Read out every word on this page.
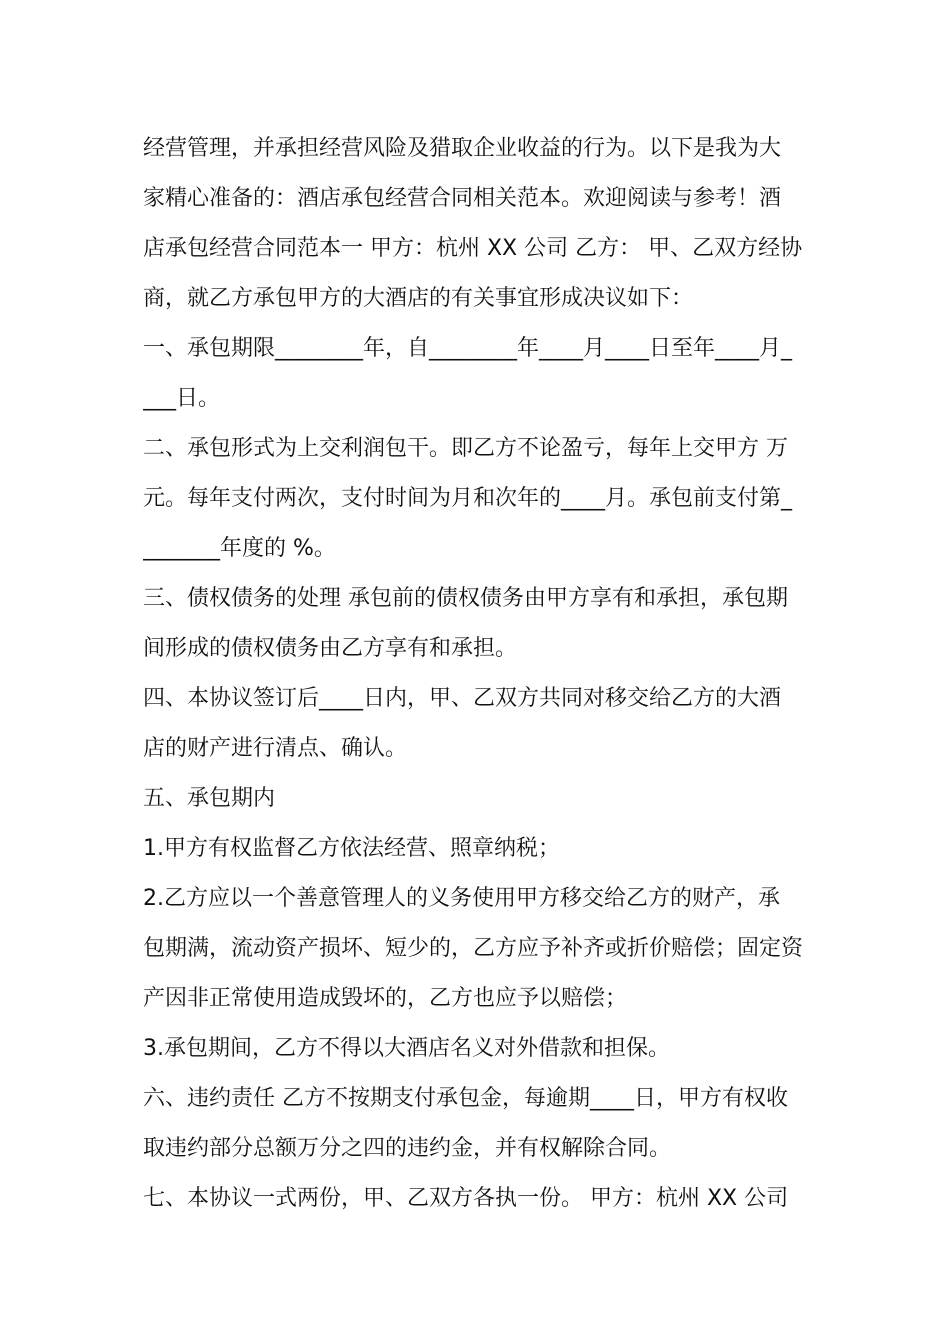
经营管理，并承担经营风险及猎取企业收益的行为。以下是我为大
家精心准备的：酒店承包经营合同相关范本。欢迎阅读与参考！酒
店承包经营合同范本一 甲方：杭州 XX 公司 乙方： 甲、乙双方经协
商，就乙方承包甲方的大酒店的有关事宜形成决议如下：
一、承包期限________年，自________年____月____日至年____月_
___日。
二、承包形式为上交利润包干。即乙方不论盈亏，每年上交甲方 万
元。每年支付两次，支付时间为月和次年的____月。承包前支付第_
_______年度的 %。
三、债权债务的处理 承包前的债权债务由甲方享有和承担，承包期
间形成的债权债务由乙方享有和承担。
四、本协议签订后____日内，甲、乙双方共同对移交给乙方的大酒
店的财产进行清点、确认。
五、承包期内
1.甲方有权监督乙方依法经营、照章纳税；
2.乙方应以一个善意管理人的义务使用甲方移交给乙方的财产，承
包期满，流动资产损坏、短少的，乙方应予补齐或折价赔偿；固定资
产因非正常使用造成毁坏的，乙方也应予以赔偿；
3.承包期间，乙方不得以大酒店名义对外借款和担保。
六、违约责任 乙方不按期支付承包金，每逾期____日，甲方有权收
取违约部分总额万分之四的违约金，并有权解除合同。
七、本协议一式两份，甲、乙双方各执一份。 甲方：杭州 XX 公司
